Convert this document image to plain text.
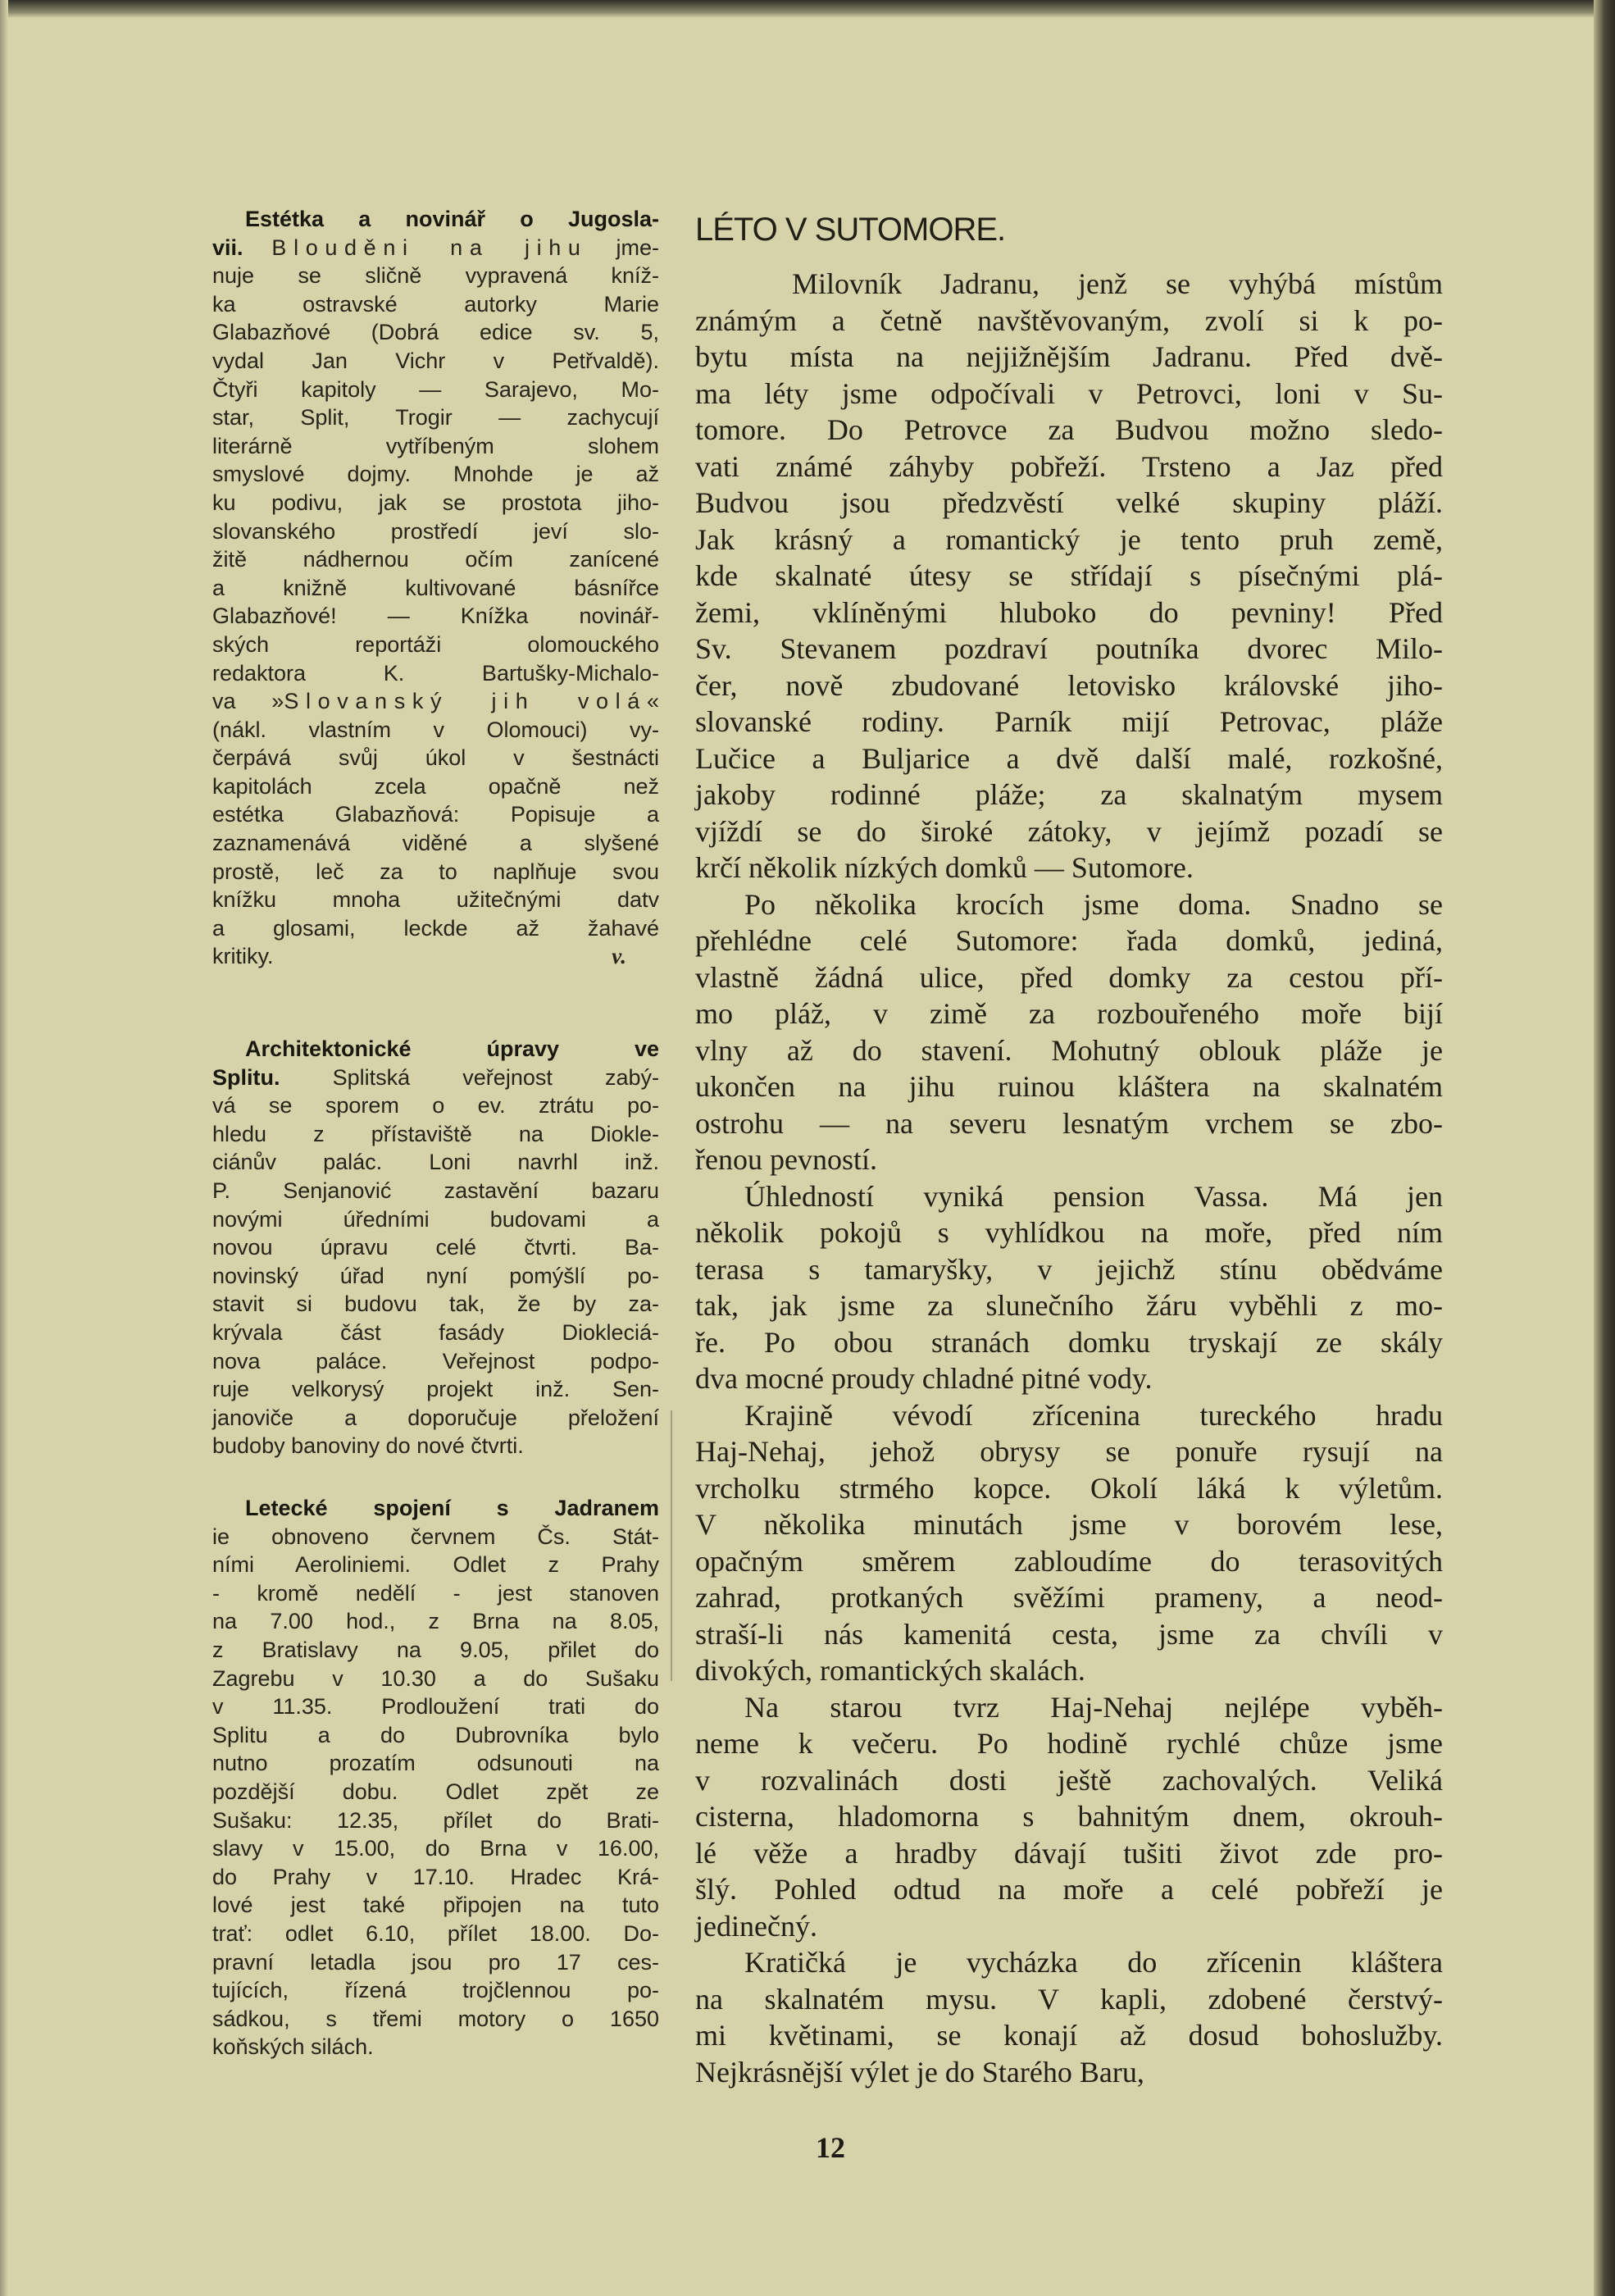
Estétka a novinář o Jugosla-
vii. Blouděni na jihu jme-
nuje se sličně vypravená kníž-
ka ostravské autorky Marie
Glabazňové (Dobrá edice sv. 5,
vydal Jan Vichr v Petřvaldě).
Čtyři kapitoly — Sarajevo, Mo-
star, Split, Trogir — zachycují
literárně vytříbeným slohem
smyslové dojmy. Mnohde je až
ku podivu, jak se prostota jiho-
slovanského prostředí jeví slo-
žitě nádhernou očím zanícené
a knižně kultivované básnířce
Glabazňové! — Knížka novinář-
ských reportáži olomouckého
redaktora K. Bartušky-Michalo-
va »Slovanský jih volá«
(nákl. vlastním v Olomouci) vy-
čerpává svůj úkol v šestnácti
kapitolách zcela opačně než
estétka Glabazňová: Popisuje a
zaznamenává viděné a slyšené
prostě, leč za to naplňuje svou
knížku mnoha užitečnými datv
a glosami, leckde až žahavé
v.
kritiky.
Architektonické úpravy ve
Splitu. Splitská veřejnost zabý-
vá se sporem o ev. ztrátu po-
hledu z přístaviště na Diokle-
ciánův palác. Loni navrhl inž.
P. Senjanović zastavění bazaru
novými úředními budovami a
novou úpravu celé čtvrti. Ba-
novinský úřad nyní pomýšlí po-
stavit si budovu tak, že by za-
krývala část fasády Diokleciá-
nova paláce. Veřejnost podpo-
ruje velkorysý projekt inž. Sen-
janoviče a doporučuje přeložení
budoby banoviny do nové čtvrti.
Letecké spojení s Jadranem
ie obnoveno červnem Čs. Stát-
ními Aeroliniemi. Odlet z Prahy
- kromě nedělí - jest stanoven
na 7.00 hod., z Brna na 8.05,
z Bratislavy na 9.05, přilet do
Zagrebu v 10.30 a do Sušaku
v 11.35. Prodloužení trati do
Splitu a do Dubrovníka bylo
nutno prozatím odsunouti na
pozdější dobu. Odlet zpět ze
Sušaku: 12.35, přílet do Brati-
slavy v 15.00, do Brna v 16.00,
do Prahy v 17.10. Hradec Krá-
lové jest také připojen na tuto
trať: odlet 6.10, přílet 18.00. Do-
pravní letadla jsou pro 17 ces-
tujících, řízená trojčlennou po-
sádkou, s třemi motory o 1650
koňských silách.
LÉTO V SUTOMORE.
Milovník Jadranu, jenž se vyhýbá místům
známým a četně navštěvovaným, zvolí si k po-
bytu místa na nejjižnějším Jadranu. Před dvě-
ma léty jsme odpočívali v Petrovci, loni v Su-
tomore. Do Petrovce za Budvou možno sledo-
vati známé záhyby pobřeží. Trsteno a Jaz před
Budvou jsou předzvěstí velké skupiny pláží.
Jak krásný a romantický je tento pruh země,
kde skalnaté útesy se střídají s písečnými plá-
žemi, vklíněnými hluboko do pevniny! Před
Sv. Stevanem pozdraví poutníka dvorec Milo-
čer, nově zbudované letovisko královské jiho-
slovanské rodiny. Parník mijí Petrovac, pláže
Lučice a Buljarice a dvě další malé, rozkošné,
jakoby rodinné pláže; za skalnatým mysem
vjíždí se do široké zátoky, v jejímž pozadí se
krčí několik nízkých domků — Sutomore.
Po několika krocích jsme doma. Snadno se
přehlédne celé Sutomore: řada domků, jediná,
vlastně žádná ulice, před domky za cestou pří-
mo pláž, v zimě za rozbouřeného moře bijí
vlny až do stavení. Mohutný oblouk pláže je
ukončen na jihu ruinou kláštera na skalnatém
ostrohu — na severu lesnatým vrchem se zbo-
řenou pevností.
Úhledností vyniká pension Vassa. Má jen
několik pokojů s vyhlídkou na moře, před ním
terasa s tamaryšky, v jejichž stínu obědváme
tak, jak jsme za slunečního žáru vyběhli z mo-
ře. Po obou stranách domku tryskají ze skály
dva mocné proudy chladné pitné vody.
Krajině vévodí zřícenina tureckého hradu
Haj-Nehaj, jehož obrysy se ponuře rysují na
vrcholku strmého kopce. Okolí láká k výletům.
V několika minutách jsme v borovém lese,
opačným směrem zabloudíme do terasovitých
zahrad, protkaných svěžími prameny, a neod-
straší-li nás kamenitá cesta, jsme za chvíli v
divokých, romantických skalách.
Na starou tvrz Haj-Nehaj nejlépe vyběh-
neme k večeru. Po hodině rychlé chůze jsme
v rozvalinách dosti ještě zachovalých. Veliká
cisterna, hladomorna s bahnitým dnem, okrouh-
lé věže a hradby dávají tušiti život zde pro-
šlý. Pohled odtud na moře a celé pobřeží je
jedinečný.
Kratičká je vycházka do zřícenin kláštera
na skalnatém mysu. V kapli, zdobené čerstvý-
mi květinami, se konají až dosud bohoslužby.
Nejkrásnější výlet je do Starého Baru,
12
